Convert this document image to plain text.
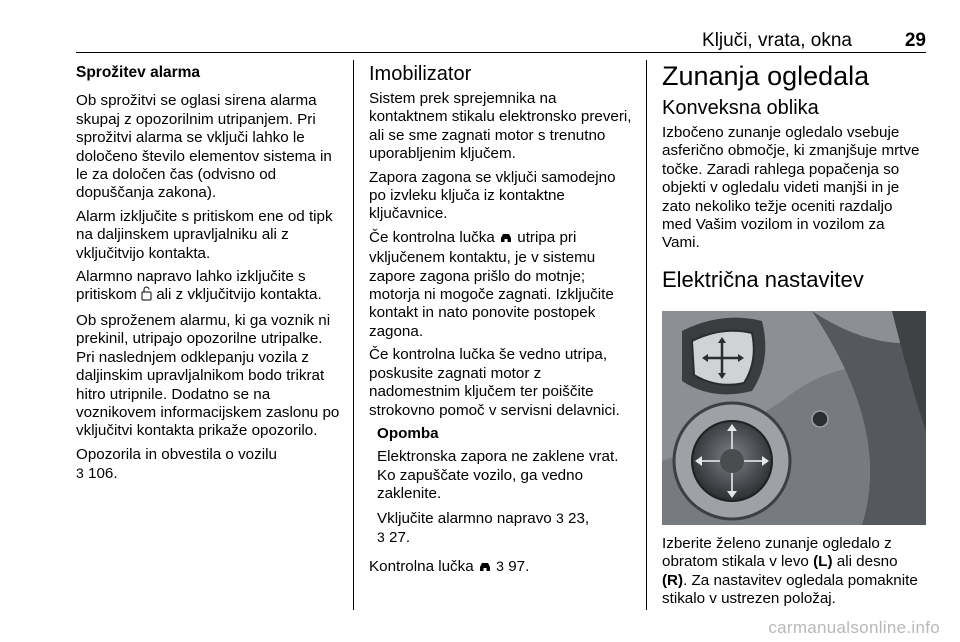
Ključi, vrata, okna	29
Sprožitev alarma

Ob sprožitvi se oglasi sirena alarma skupaj z opozorilnim utripanjem. Pri sprožitvi alarma se vključi lahko le določeno število elementov sistema in le za določen čas (odvisno od dopuščanja zakona).

Alarm izključite s pritiskom ene od tipk na daljinskem upravljalniku ali z vključitvijo kontakta.

Alarmno napravo lahko izključite s pritiskom ali z vključitvijo kontakta.

Ob sproženem alarmu, ki ga voznik ni prekinil, utripajo opozorilne utripalke. Pri naslednjem odklepanju vozila z daljinskim upravljalnikom bodo trikrat hitro utripnile. Dodatno se na voznikovem informacijskem zaslonu po vključitvi kontakta prikaže opozorilo.

Opozorila in obvestila o vozilu
3 106.

Imobilizator

Sistem prek sprejemnika na kontaktnem stikalu elektronsko preveri, ali se sme zagnati motor s trenutno uporabljenim ključem.

Zapora zagona se vključi samodejno po izvleku ključa iz kontaktne ključavnice.

Če kontrolna lučka utripa pri vključenem kontaktu, je v sistemu zapore zagona prišlo do motnje; motorja ni mogoče zagnati. Izključite kontakt in nato ponovite postopek zagona.

Če kontrolna lučka še vedno utripa, poskusite zagnati motor z nadomestnim ključem ter poiščite strokovno pomoč v servisni delavnici.

Opomba

Elektronska zapora ne zaklene vrat. Ko zapuščate vozilo, ga vedno zaklenite.

Vključite alarmno napravo 3 23,
3 27.

Kontrolna lučka 3 97.

Zunanja ogledala
Konveksna oblika

Izbočeno zunanje ogledalo vsebuje asferično območje, ki zmanjšuje mrtve točke. Zaradi rahlega popačenja so objekti v ogledalu videti manjši in je zato nekoliko težje oceniti razdaljo med Vašim vozilom in vozilom za Vami.

Električna nastavitev

Izberite želeno zunanje ogledalo z obratom stikala v levo (L) ali desno (R). Za nastavitev ogledala pomaknite stikalo v ustrezen položaj.

carmanualsonline.info
